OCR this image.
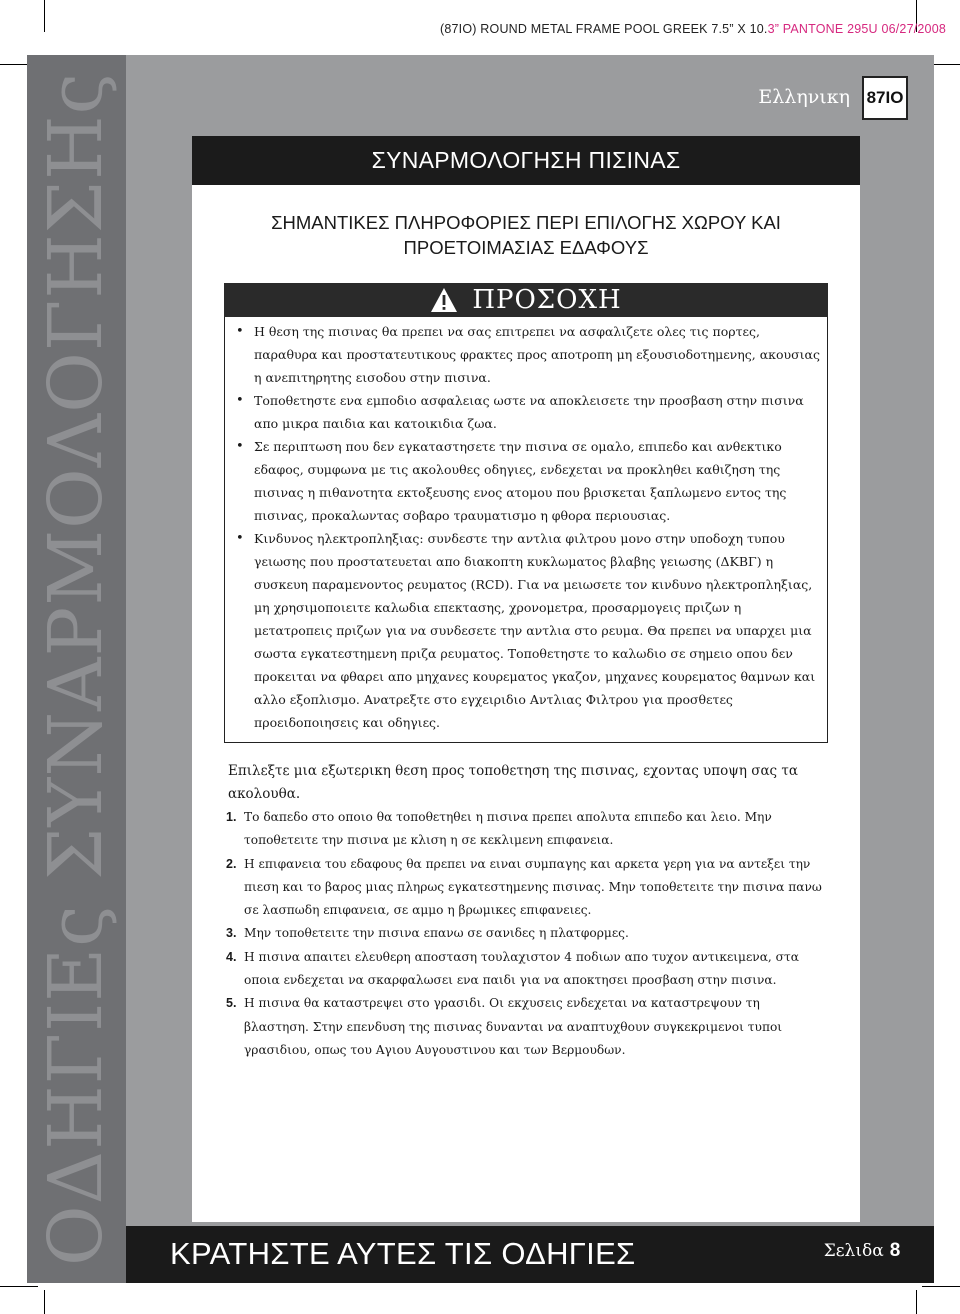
(87IO) ROUND METAL FRAME POOL GREEK 7.5” X 10.3” PANTONE 295U 06/27/2008
ΟΔΗΓΙΕς ΣΥΝΑΡΜΟΛΟΓΗΣΗς	Ελληνικη 87IO
ΣΥΝΑΡΜΟΛΟΓΗΣΗ ΠΙΣΙΝΑΣ
ΣΗΜΑΝΤΙΚΕΣ ΠΛΗΡΟΦΟΡΙΕΣ ΠΕΡΙ ΕΠΙΛΟΓΗΣ ΧΩΡΟΥ ΚΑΙ
ΠΡΟΕΤΟΙΜΑΣΙΑΣ ΕΔΑΦΟΥΣ
ΠΡΟΣΟΧΗ
• Η θεση της πισινας θα πρεπει να σας επιτρεπει να ασφαλιζετε ολες τις πορτες, παραθυρα και προστατευτικους φρακτες προς αποτροπη μη εξουσιοδοτημενης, ακουσιας η ανεπιτηρητης εισοδου στην πισινα.
• Τοποθετηστε ενα εμποδιο ασφαλειας ωστε να αποκλεισετε την προσβαση στην πισινα απο μικρα παιδια και κατοικιδια ζωα.
• Σε περιπτωση που δεν εγκαταστησετε την πισινα σε ομαλο, επιπεδο και ανθεκτικο εδαφος, συμφωνα με τις ακολουθες οδηγιες, ενδεχεται να προκληθει καθιζηση της πισινας η πιθανοτητα εκτοξευσης ενος ατομου που βρισκεται ξαπλωμενο εντος της πισινας, προκαλωντας σοβαρο τραυματισμο η φθορα περιουσιας.
• Κινδυνος ηλεκτροπληξιας: συνδεστε την αντλια φιλτρου μονο στην υποδοχη τυπου γειωσης που προστατευεται απο διακοπτη κυκλωματος βλαβης γειωσης (ΔΚΒΓ) η συσκευη παραμενοντος ρευματος (RCD). Για να μειωσετε τον κινδυνο ηλεκτροπληξιας, μη χρησιμοποιειτε καλωδια επεκτασης, χρονομετρα, προσαρμογεις πριζων η μετατροπεις πριζων για να συνδεσετε την αντλια στο ρευμα. Θα πρεπει να υπαρχει μια σωστα εγκατεστημενη πριζα ρευματος. Τοποθετηστε το καλωδιο σε σημειο οπου δεν προκειται να φθαρει απο μηχανες κουρεματος γκαζον, μηχανες κουρεματος θαμνων και αλλο εξοπλισμο. Ανατρεξτε στο εγχειριδιο Αντλιας Φιλτρου για προσθετες προειδοποιησεις και οδηγιες.
Επιλεξτε μια εξωτερικη θεση προς τοποθετηση της πισινας, εχοντας υποψη σας τα ακολουθα.
1. Το δαπεδο στο οποιο θα τοποθετηθει η πισινα πρεπει απολυτα επιπεδο και λειο. Μην τοποθετειτε την πισινα με κλιση η σε κεκλιμενη επιφανεια.
2. Η επιφανεια του εδαφους θα πρεπει να ειναι συμπαγης και αρκετα γερη για να αντεξει την πιεση και το βαρος μιας πληρως εγκατεστημενης πισινας. Μην τοποθετειτε την πισινα πανω σε λασπωδη επιφανεια, σε αμμο η βρωμικες επιφανειες.
3. Μην τοποθετειτε την πισινα επανω σε σανιδες η πλατφορμες.
4. Η πισινα απαιτει ελευθερη αποσταση τουλαχιστον 4 ποδιων απο τυχον αντικειμενα, στα οποια ενδεχεται να σκαρφαλωσει ενα παιδι για να αποκτησει προσβαση στην πισινα.
5. Η πισινα θα καταστρεψει στο γρασιδι. Οι εκχυσεις ενδεχεται να καταστρεψουν τη βλαστηση. Στην επενδυση της πισινας δυνανται να αναπτυχθουν συγκεκριμενοι τυποι γρασιδιου, οπως του Αγιου Αυγουστινου και των Βερμουδων.
ΚΡΑΤΗΣΤΕ ΑΥΤΕΣ ΤΙΣ ΟΔΗΓΙΕΣ	Σελιδα 8
